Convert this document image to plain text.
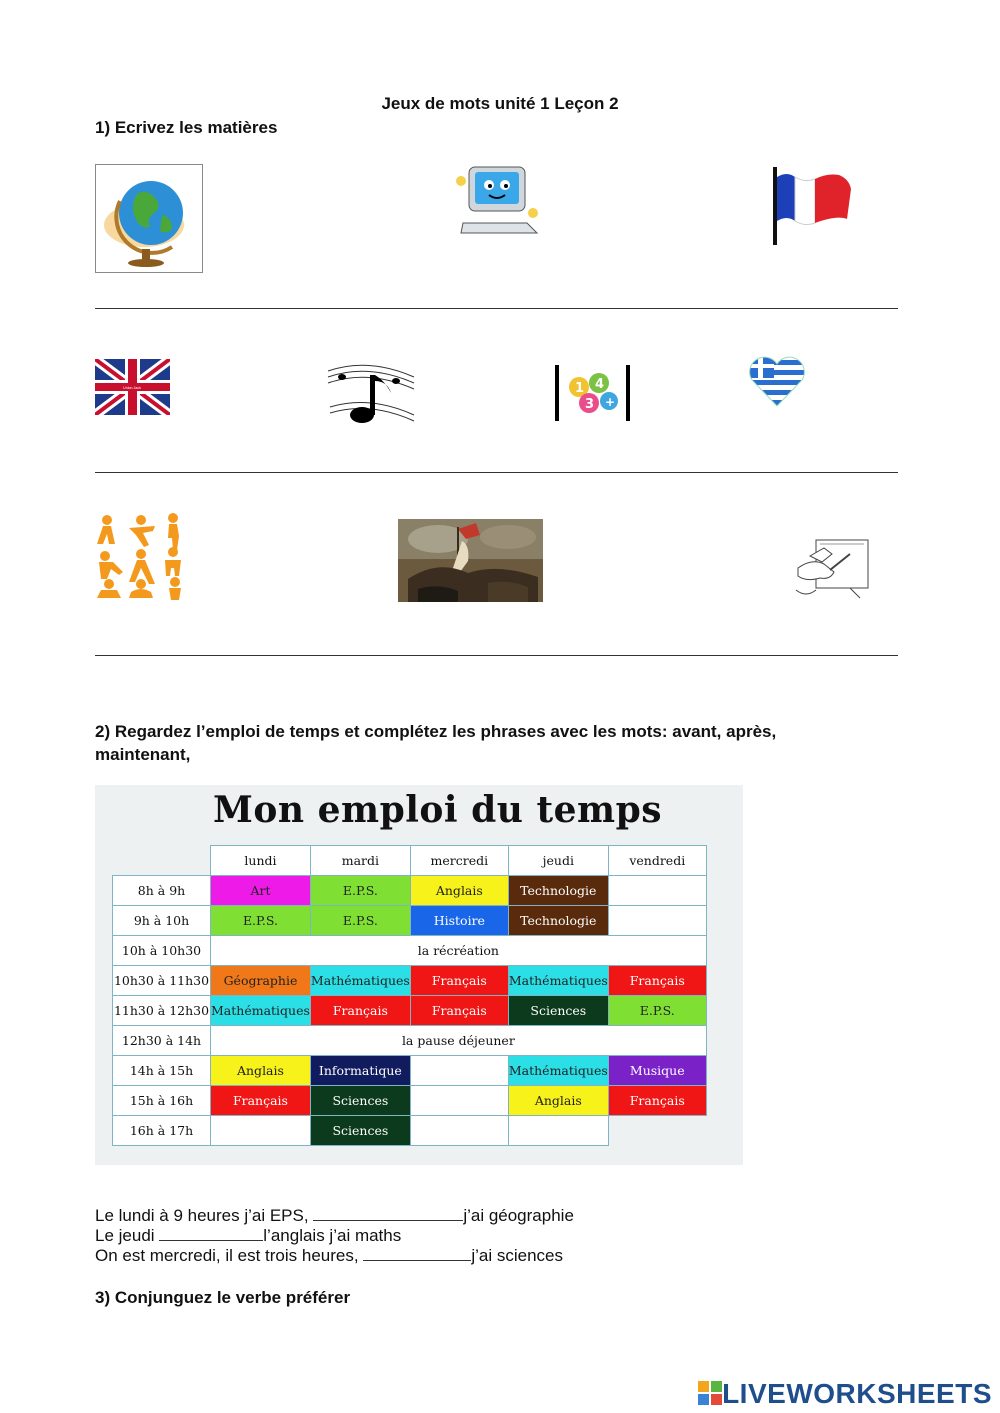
Jeux de mots unité 1 Leçon 2
1) Ecrivez les matières
Union Jack	1 4
3 +
2) Regardez l’emploi de temps et complétez les phrases avec les mots: avant, après,
maintenant,
Mon emploi du temps
	lundi	mardi	mercredi	jeudi	vendredi
8h à 9h	Art	E.P.S.	Anglais	Technologie	
9h à 10h	E.P.S.	E.P.S.	Histoire	Technologie	
10h à 10h30	la récréation				
10h30 à 11h30	Géographie	Mathématiques	Français	Mathématiques	Français
11h30 à 12h30	Mathématiques	Français	Français	Sciences	E.P.S.
12h30 à 14h	la pause déjeuner				
14h à 15h	Anglais	Informatique		Mathématiques	Musique
15h à 16h	Français	Sciences		Anglais	Français
16h à 17h		Sciences			
Le lundi à 9 heures j’ai EPS,	j’ai géographie
Le jeudi	l’anglais j’ai maths
On est mercredi, il est trois heures,	j’ai sciences
3) Conjunguez le verbe préférer
LIVEWORKSHEETS
